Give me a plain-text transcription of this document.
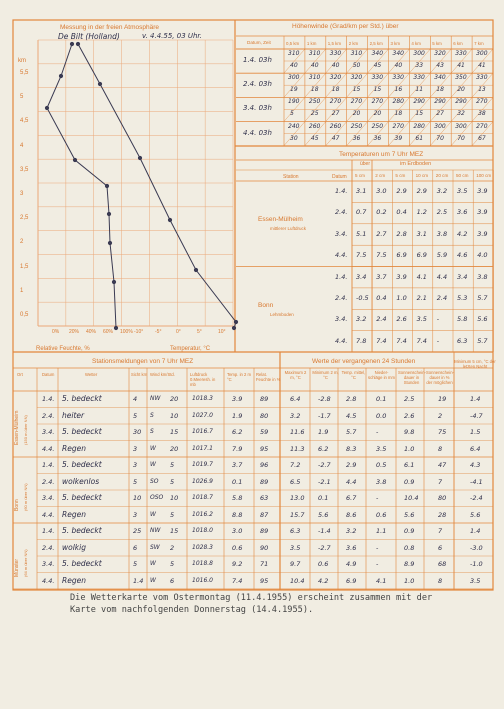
Messung in der freien Atmosphäre
De Bilt (Holland)	v. 4.4.55, 03 Uhr.
km
5,5
5
4,5
4
3,5
3
2,5
2
1,5
1
0,5
0% 20% 40% 60% 100% -10° -5°	0°	5°	10°
Relative Feuchte, %	Temperatur, °C
Höhenwinde (Grad/km per Std.) über
Datum, Zeit	0,5 km 1 km	1,5 km 2 km	2,5 km 3 km	4 km	5 km	6 km	7 km
1.4. 03h
310 310 330 310 340 340 300 320 330 300
40 40 40 50 45 40 33 43 41 41
2.4. 03h
300 310 320 320 330 330 330 340 350 330
19 18 18 15 15 16 11 18 20 13
3.4. 03h
190 250 270 270 270 280 290 290 290 270
5	25 27 20 20 18 15 27 32 38
4.4. 03h
240 260 260 250 250 270 280 300 300 270
30 45 47 36 36 39 61 70 70 67
Temperaturen um 7 Uhr MEZ
über	im Erdboden
Station	Datum 5 cm 2 cm 5 cm 10 cm 20 cm 50 cm 100 cm
Essen-Mülheim
mittlerer Luftdruck
1.4. 3.1 3.0 2.9 2.9 3.2 3.5 3.9
2.4. 0.7 0.2 0.4 1.2 2.5 3.6 3.9
3.4. 5.1 2.7 2.8 3.1 3.8 4.2 3.9
4.4. 7.5 7.5 6.9 6.9 5.9 4.6 4.0
Bonn
Lehmboden
1.4. 3.4 3.7 3.9 4.1 4.4 3.4 3.8
2.4. -0.5 0.4 1.0 2.1 2.4 5.3 5.7
3.4. 3.2 2.4 2.6 3.5 -	5.8 5.6
4.4. 7.8 7.4 7.4 7.4 -	6.3 5.7
Stationsmeldungen von 7 Uhr MEZ
Ort	Datum	Wetter	Sicht km Wind km/Std.	Luftdruck 0.Meeresh. in mb
Temp. in 2 m °C
Relat. Feuchte in %
Essen-Mülheim (150 m über NN)
Bonn (60 m über NN)
Münster (64 m über NN)
1.4. 5. bedeckt	4 NW 20 1018.3	3.9	89
2.4. heiter	5 S 10 1027.0	1.9	80
3.4. 5. bedeckt	30 S 15 1016.7	6.2	59
4.4. Regen	3 W 20 1017.1	7.9	95
1.4. 5. bedeckt	3 W 5	1019.7	3.7	96
2.4. wolkenlos	5 SO 5	1026.9	0.1	89
3.4. 5. bedeckt	10 OSO 10 1018.7	5.8	63
4.4. Regen	3 W 5	1016.2	8.8	87
1.4. 5. bedeckt	25 NW 15 1018.0	3.0	89
2.4. wolkig	6 SW 2	1028.3	0.6	90
3.4. 5. bedeckt	5 W 5	1018.8	9.2	71
4.4. Regen	1.4 W 6	1016.0	7.4	95
Werte der vergangenen 24 Stunden
Maximum 2 m, °C
Minimum 2 m, °C
Temp. mittel, °C
Nieder-schläge in mm
Sonnenschein-dauer in Stunden
Sonnenschein-dauer in % der möglichen
Minimum 5 cm, °C der letzten Nacht
6.4	-2.8 2.8	0.1	2.5	19	1.4
3.2	-1.7 4.5	0.0	2.6	2	-4.7
11.6 1.9	5.7	-	9.8	75	1.5
11.3 6.2	8.3	3.5	1.0	8	6.4
7.2	-2.7 2.9	0.5	6.1	47	4.3
6.5	-2.1 4.4	3.8	0.9	7	-4.1
13.0 0.1	6.7	-	10.4	80	-2.4
15.7 5.6	8.6	0.6	5.6	28	5.6
6.3	-1.4 3.2	1.1	0.9	7	1.4
3.5	-2.7 3.6	-	0.8	6	-3.0
9.7	0.6	4.9	-	8.9	68	-1.0
10.4 4.2	6.9	4.1	1.0	8	3.5
Die Wetterkarte vom Ostermontag (11.4.1955) erscheint zusammen mit der
Karte vom nachfolgenden Donnerstag (14.4.1955).
